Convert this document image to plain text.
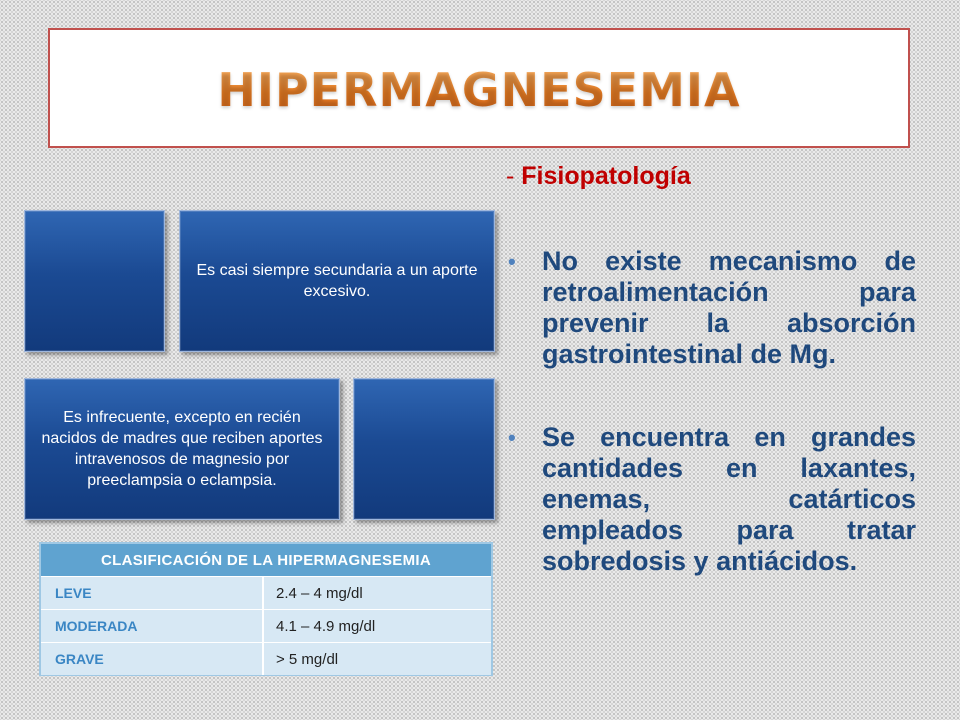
HIPERMAGNESEMIA
- Fisiopatología
• No existe mecanismo de retroalimentación para prevenir la absorción gastrointestinal de Mg.
• Se encuentra en grandes cantidades en laxantes, enemas, catárticos empleados para tratar sobredosis y antiácidos.
Es casi siempre secundaria a un aporte excesivo.
Es infrecuente, excepto en recién nacidos de madres que reciben aportes intravenosos de magnesio por preeclampsia o eclampsia.
CLASIFICACIÓN DE LA HIPERMAGNESEMIA
LEVE	2.4 – 4 mg/dl
MODERADA	4.1 – 4.9 mg/dl
GRAVE	> 5 mg/dl
